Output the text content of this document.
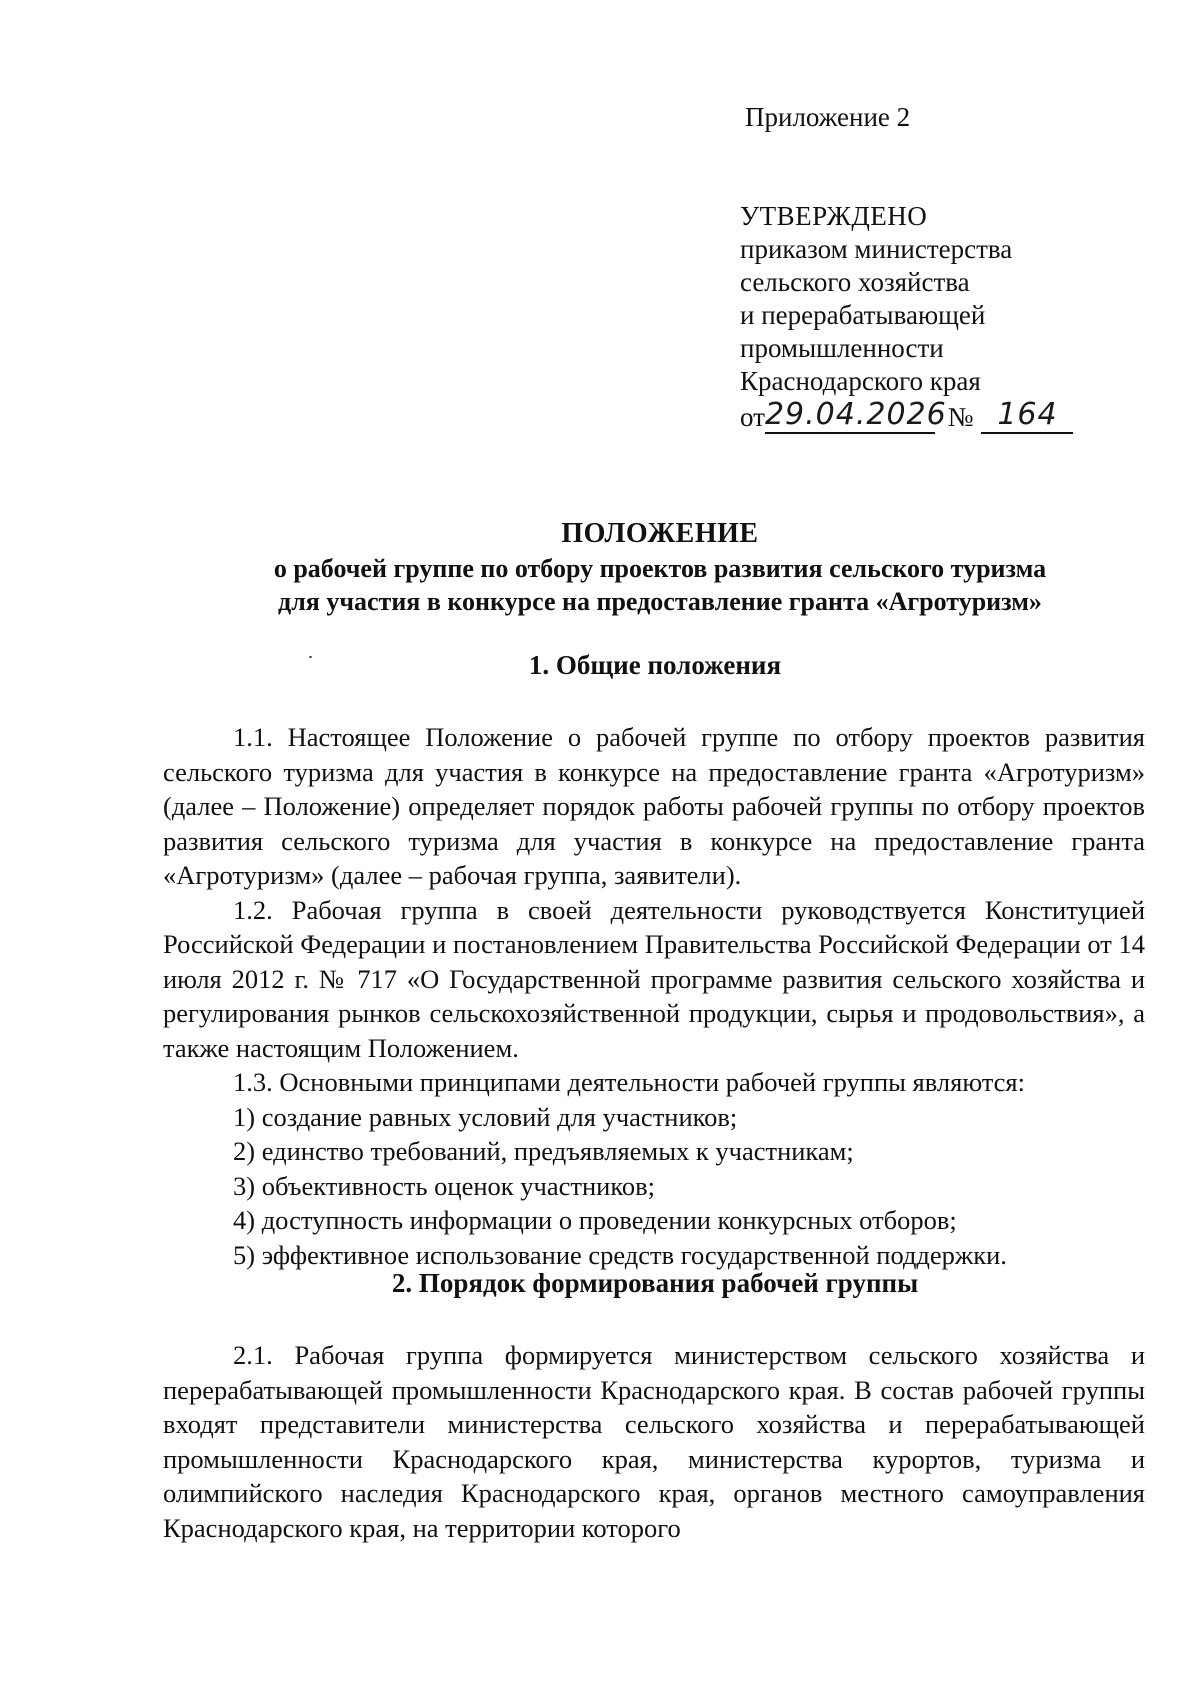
Приложение 2
УТВЕРЖДЕНО
приказом министерства
сельского хозяйства
и перерабатывающей
промышленности
Краснодарского края
от29.04.2026 № 164
ПОЛОЖЕНИЕ
о рабочей группе по отбору проектов развития сельского туризма
для участия в конкурсе на предоставление гранта «Агротуризм»
1. Общие положения

1.1. Настоящее Положение о рабочей группе по отбору проектов развития сельского туризма для участия в конкурсе на предоставление гранта «Агротуризм» (далее – Положение) определяет порядок работы рабочей группы по отбору проектов развития сельского туризма для участия в конкурсе на предоставление гранта «Агротуризм» (далее – рабочая группа, заявители).

1.2. Рабочая группа в своей деятельности руководствуется Конституцией Российской Федерации и постановлением Правительства Российской Федерации от 14 июля 2012 г. № 717 «О Государственной программе развития сельского хозяйства и регулирования рынков сельскохозяйственной продукции, сырья и продовольствия», а также настоящим Положением.

1.3. Основными принципами деятельности рабочей группы являются:

1) создание равных условий для участников;
2) единство требований, предъявляемых к участникам;
3) объективность оценок участников;
4) доступность информации о проведении конкурсных отборов;
5) эффективное использование средств государственной поддержки.
2. Порядок формирования рабочей группы

2.1. Рабочая группа формируется министерством сельского хозяйства и перерабатывающей промышленности Краснодарского края. В состав рабочей группы входят представители министерства сельского хозяйства и перерабатывающей промышленности Краснодарского края, министерства курортов, туризма и олимпийского наследия Краснодарского края, органов местного самоуправления Краснодарского края, на территории которого
